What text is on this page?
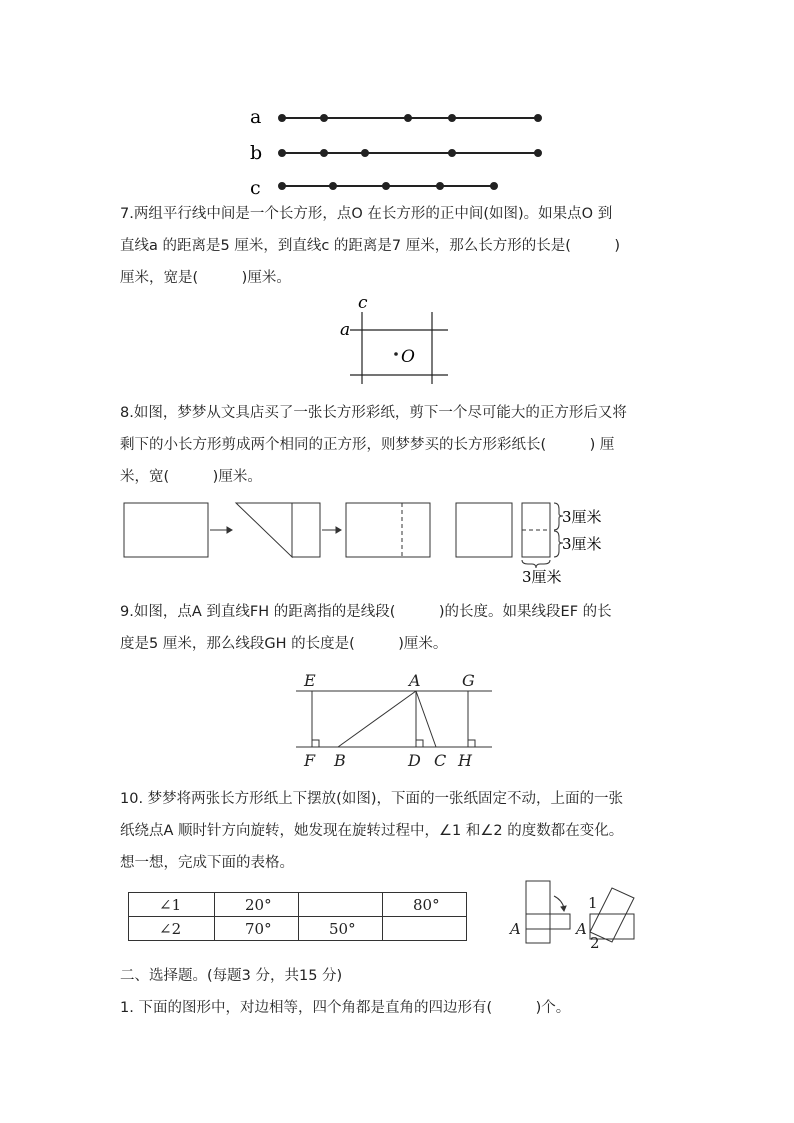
a
b
c
7.两组平行线中间是一个长方形，点O 在长方形的正中间(如图)。如果点O 到
直线a 的距离是5 厘米，到直线c 的距离是7 厘米，那么长方形的长是(　　　)
厘米，宽是(　　　)厘米。
c
a
O
8.如图，梦梦从文具店买了一张长方形彩纸，剪下一个尽可能大的正方形后又将
剩下的小长方形剪成两个相同的正方形，则梦梦买的长方形彩纸长(　　　) 厘
米，宽(　　　)厘米。
3厘米
3厘米
3厘米
9.如图，点A 到直线FH 的距离指的是线段(　　　)的长度。如果线段EF 的长
度是5 厘米，那么线段GH 的长度是(　　　)厘米。
E	A	G
F B	D C H
10. 梦梦将两张长方形纸上下摆放(如图)，下面的一张纸固定不动，上面的一张
纸绕点A 顺时针方向旋转，她发现在旋转过程中，∠1 和∠2 的度数都在变化。
想一想，完成下面的表格。
∠1	20°		80°
∠2	70°	50°		A	A
1
2
二、选择题。(每题3 分，共15 分)
1. 下面的图形中，对边相等，四个角都是直角的四边形有(　　　)个。
